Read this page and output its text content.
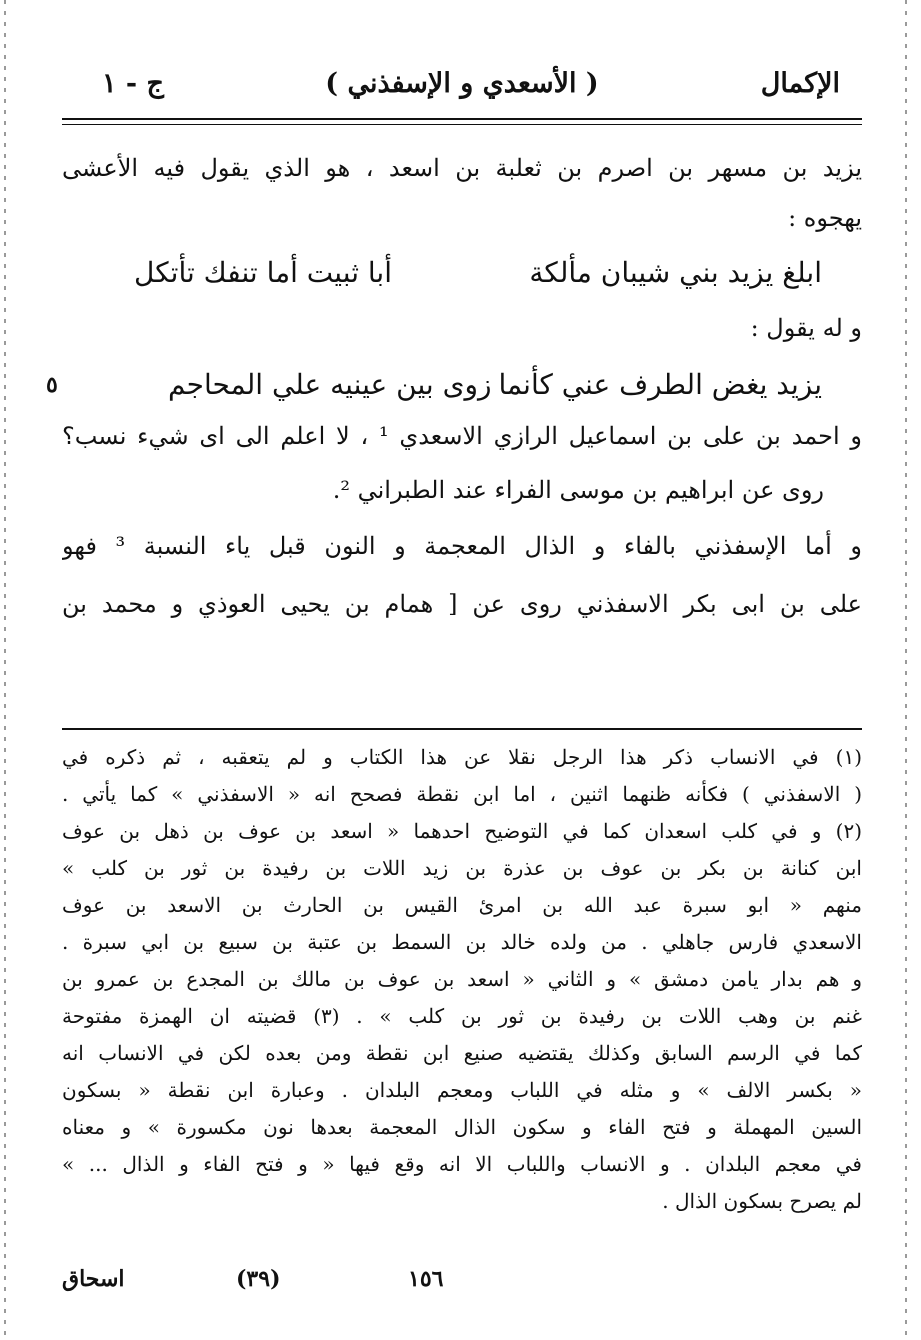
الإكمال
( الأسعدي و الإسفذني )
ج - ١
يزيد بن مسهر بن اصرم بن ثعلبة بن اسعد ، هو الذي يقول فيه الأعشى
يهجوه :
ابلغ يزيد بني شيبان مألكة
أبا ثبيت أما تنفك تأتكل
و له يقول :
٥	يزيد يغض الطرف عني كأنما
زوى بين عينيه علي المحاجم
و احمد بن على بن اسماعيل الرازي الاسعدي ¹ ، لا اعلم الى اى شيء نسب؟
روى عن ابراهيم بن موسى الفراء عند الطبراني ².
و أما الإسفذني بالفاء و الذال المعجمة و النون قبل ياء النسبة ³ فهو
على بن ابى بكر الاسفذني روى عن [ همام بن يحيى العوذي و محمد بن
(١) في الانساب ذكر هذا الرجل نقلا عن هذا الكتاب و لم يتعقبه ، ثم ذكره في
( الاسفذني ) فكأنه ظنهما اثنين ، اما ابن نقطة فصحح انه « الاسفذني » كما يأتي .
(٢) و في كلب اسعدان كما في التوضيح احدهما « اسعد بن عوف بن ذهل بن عوف
ابن كنانة بن بكر بن عوف بن عذرة بن زيد اللات بن رفيدة بن ثور بن كلب »
منهم « ابو سبرة عبد الله بن امرئ القيس بن الحارث بن الاسعد بن عوف
الاسعدي فارس جاهلي . من ولده خالد بن السمط بن عتبة بن سبيع بن ابي سبرة .
و هم بدار يامن دمشق » و الثاني « اسعد بن عوف بن مالك بن المجدع بن عمرو بن
غنم بن وهب اللات بن رفيدة بن ثور بن كلب » . (٣) قضيته ان الهمزة مفتوحة
كما في الرسم السابق وكذلك يقتضيه صنيع ابن نقطة ومن بعده لكن في الانساب انه
« بكسر الالف » و مثله في اللباب ومعجم البلدان . وعبارة ابن نقطة « بسكون
السين المهملة و فتح الفاء و سكون الذال المعجمة بعدها نون مكسورة » و معناه
في معجم البلدان . و الانساب واللباب الا انه وقع فيها « و فتح الفاء و الذال ... »
لم يصرح بسكون الذال .
١٥٦
(٣٩)
اسحاق
